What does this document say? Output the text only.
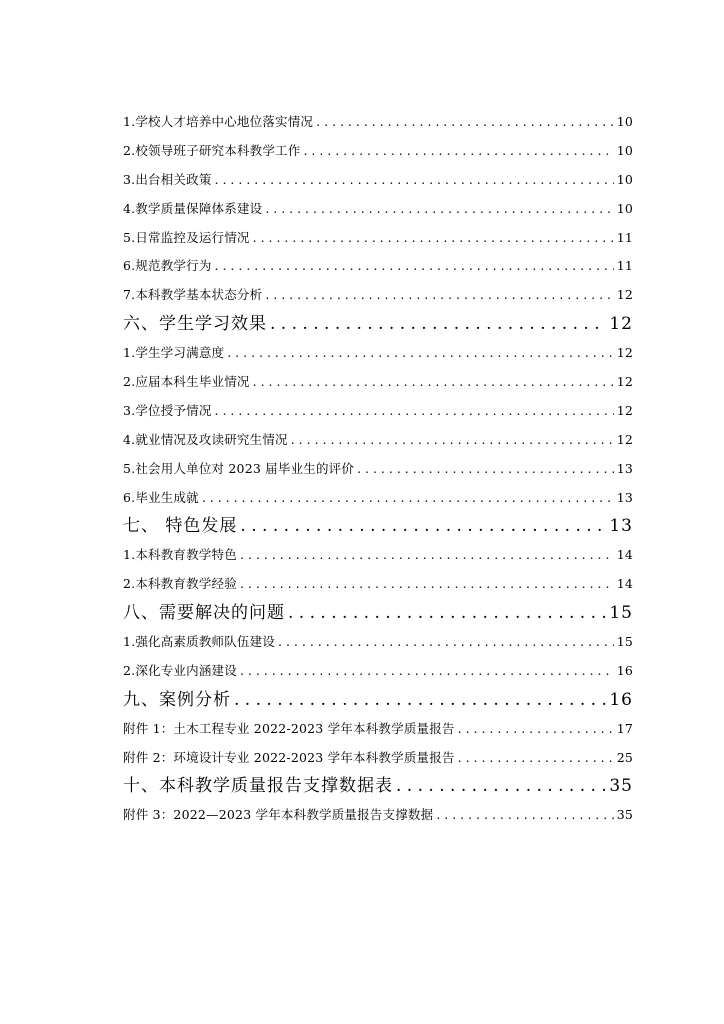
1.学校人才培养中心地位落实情况 . . .	10
2.校领导班子研究本科教学工作 . . .	10
3.出台相关政策 . . .	10
4.教学质量保障体系建设 . . .	10
5.日常监控及运行情况 . . .	11
6.规范教学行为 . . .	11
7.本科教学基本状态分析 . . .	12
六、学生学习效果 . . .	12
1.学生学习满意度 . . .	12
2.应届本科生毕业情况 . . .	12
3.学位授予情况 . . .	12
4.就业情况及攻读研究生情况 . . .	12
5.社会用人单位对 2023 届毕业生的评价 . . .	13
6.毕业生成就 . . .	13
七、 特色发展 . . .	13
1.本科教育教学特色 . . .	14
2.本科教育教学经验 . . .	14
八、需要解决的问题 . . .	15
1.强化高素质教师队伍建设 . . .	15
2.深化专业内涵建设 . . .	16
九、案例分析 . . .	16
附件 1：土木工程专业 2022-2023 学年本科教学质量报告 . . .	17
附件 2：环境设计专业 2022-2023 学年本科教学质量报告 . . .	25
十、本科教学质量报告支撑数据表 . . .	35
附件 3：2022—2023 学年本科教学质量报告支撑数据 . . .	35
